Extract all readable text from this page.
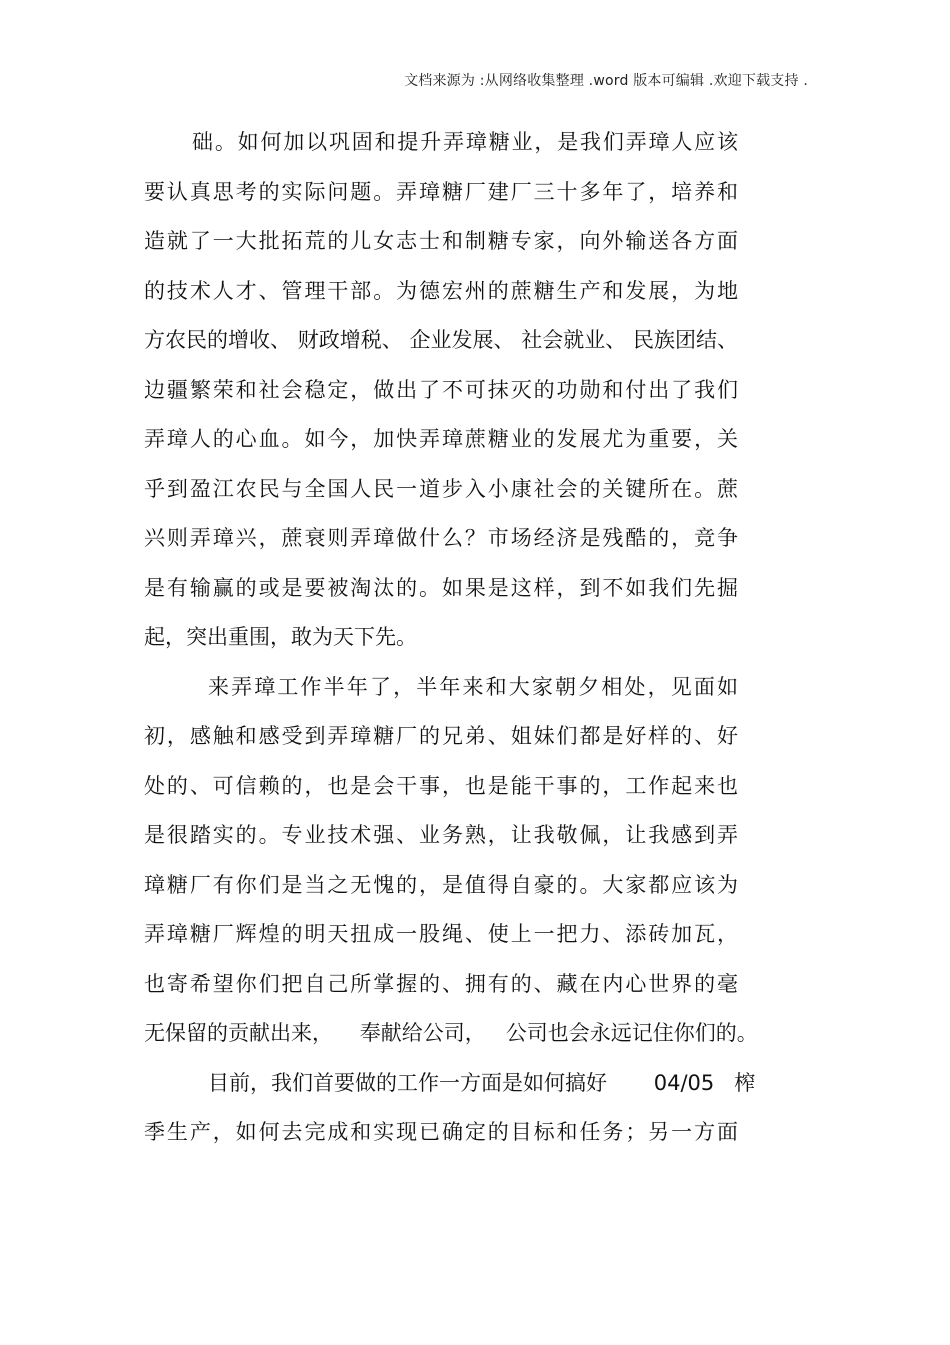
文档来源为 :从网络收集整理 .word 版本可编辑 .欢迎下载支持 .
础。如何加以巩固和提升弄璋糖业，是我们弄璋人应该
要认真思考的实际问题。弄璋糖厂建厂三十多年了，培养和
造就了一大批拓荒的儿女志士和制糖专家，向外输送各方面
的技术人才、管理干部。为德宏州的蔗糖生产和发展，为地
方农民的增收、 财政增税、 企业发展、 社会就业、 民族团结、
边疆繁荣和社会稳定，做出了不可抹灭的功勋和付出了我们
弄璋人的心血。如今，加快弄璋蔗糖业的发展尤为重要，关
乎到盈江农民与全国人民一道步入小康社会的关键所在。蔗
兴则弄璋兴，蔗衰则弄璋做什么？市场经济是残酷的，竞争
是有输赢的或是要被淘汰的。如果是这样，到不如我们先掘
起，突出重围，敢为天下先。
来弄璋工作半年了，半年来和大家朝夕相处，见面如
初，感触和感受到弄璋糖厂的兄弟、姐妹们都是好样的、好
处的、可信赖的，也是会干事，也是能干事的，工作起来也
是很踏实的。专业技术强、业务熟，让我敬佩，让我感到弄
璋糖厂有你们是当之无愧的，是值得自豪的。大家都应该为
弄璋糖厂辉煌的明天扭成一股绳、使上一把力、添砖加瓦，
也寄希望你们把自己所掌握的、拥有的、藏在内心世界的毫
无保留的贡献出来，    奉献给公司，   公司也会永远记住你们的。
目前，我们首要做的工作一方面是如何搞好       04/05   榨
季生产，如何去完成和实现已确定的目标和任务；另一方面
